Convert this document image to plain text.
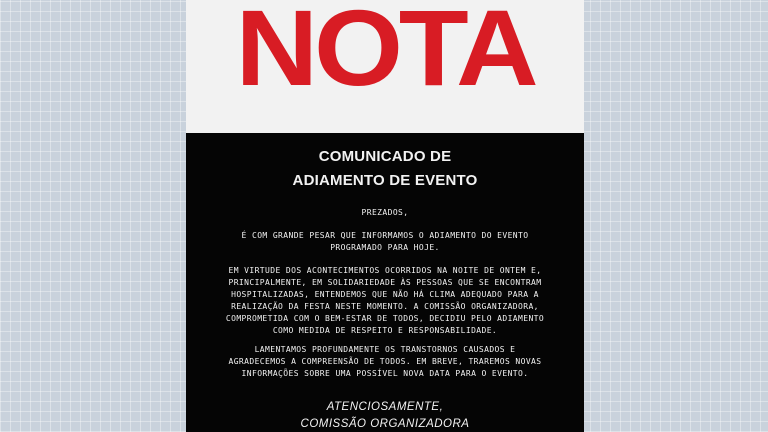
NOTA
COMUNICADO DE
ADIAMENTO DE EVENTO

PREZADOS,

É COM GRANDE PESAR QUE INFORMAMOS O ADIAMENTO DO EVENTO
PROGRAMADO PARA HOJE.

EM VIRTUDE DOS ACONTECIMENTOS OCORRIDOS NA NOITE DE ONTEM E,
PRINCIPALMENTE, EM SOLIDARIEDADE ÀS PESSOAS QUE SE ENCONTRAM
HOSPITALIZADAS, ENTENDEMOS QUE NÃO HÁ CLIMA ADEQUADO PARA A
REALIZAÇÃO DA FESTA NESTE MOMENTO. A COMISSÃO ORGANIZADORA,
COMPROMETIDA COM O BEM-ESTAR DE TODOS, DECIDIU PELO ADIAMENTO
COMO MEDIDA DE RESPEITO E RESPONSABILIDADE.

LAMENTAMOS PROFUNDAMENTE OS TRANSTORNOS CAUSADOS E
AGRADECEMOS A COMPREENSÃO DE TODOS. EM BREVE, TRAREMOS NOVAS
INFORMAÇÕES SOBRE UMA POSSÍVEL NOVA DATA PARA O EVENTO.

ATENCIOSAMENTE,
COMISSÃO ORGANIZADORA
